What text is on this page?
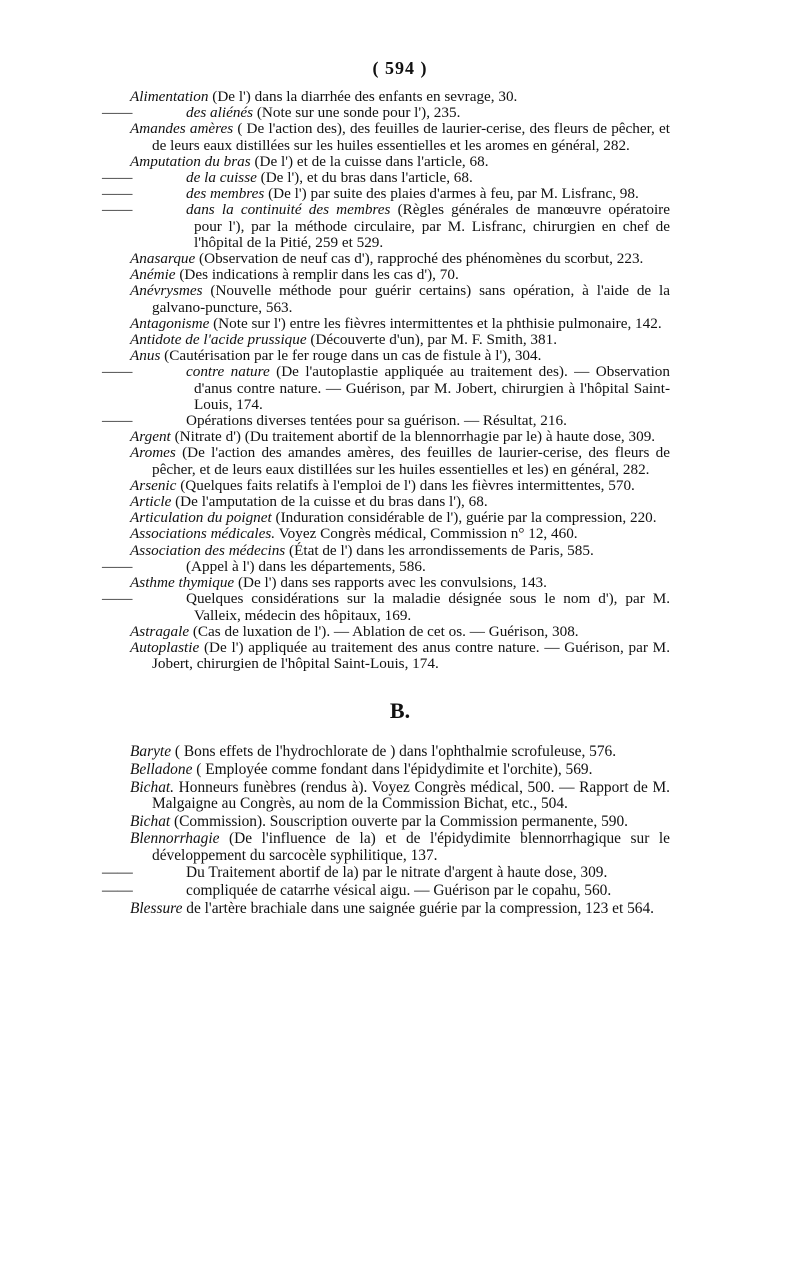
( 594 )

Alimentation (De l') dans la diarrhée des enfants en sevrage, 30.

——	des aliénés (Note sur une sonde pour l'), 235.

Amandes amères ( De l'action des), des feuilles de laurier-cerise, des fleurs de pêcher, et de leurs eaux distillées sur les huiles essentielles et les aromes en général, 282.

Amputation du bras (De l') et de la cuisse dans l'article, 68.

——	de la cuisse (De l'), et du bras dans l'article, 68.

——	des membres (De l') par suite des plaies d'armes à feu, par M. Lisfranc, 98.

——	dans la continuité des membres (Règles générales de manœuvre opératoire pour l'), par la méthode circulaire, par M. Lisfranc, chirurgien en chef de l'hôpital de la Pitié, 259 et 529.

Anasarque (Observation de neuf cas d'), rapproché des phénomènes du scorbut, 223.

Anémie (Des indications à remplir dans les cas d'), 70.

Anévrysmes (Nouvelle méthode pour guérir certains) sans opération, à l'aide de la galvano-puncture, 563.

Antagonisme (Note sur l') entre les fièvres intermittentes et la phthisie pulmonaire, 142.

Antidote de l'acide prussique (Découverte d'un), par M. F. Smith, 381.

Anus (Cautérisation par le fer rouge dans un cas de fistule à l'), 304.

——	contre nature (De l'autoplastie appliquée au traitement des). — Observation d'anus contre nature. — Guérison, par M. Jobert, chirurgien à l'hôpital Saint-Louis, 174.

——	Opérations diverses tentées pour sa guérison. — Résultat, 216.

Argent (Nitrate d') (Du traitement abortif de la blennorrhagie par le) à haute dose, 309.

Aromes (De l'action des amandes amères, des feuilles de laurier-cerise, des fleurs de pêcher, et de leurs eaux distillées sur les huiles essentielles et les) en général, 282.

Arsenic (Quelques faits relatifs à l'emploi de l') dans les fièvres intermittentes, 570.

Article (De l'amputation de la cuisse et du bras dans l'), 68.

Articulation du poignet (Induration considérable de l'), guérie par la compression, 220.

Associations médicales. Voyez Congrès médical, Commission n° 12, 460.

Association des médecins (État de l') dans les arrondissements de Paris, 585.

——	(Appel à l') dans les départements, 586.

Asthme thymique (De l') dans ses rapports avec les convulsions, 143.

——	Quelques considérations sur la maladie désignée sous le nom d'), par M. Valleix, médecin des hôpitaux, 169.

Astragale (Cas de luxation de l'). — Ablation de cet os. — Guérison, 308.

Autoplastie (De l') appliquée au traitement des anus contre nature. — Guérison, par M. Jobert, chirurgien de l'hôpital Saint-Louis, 174.

B.

Baryte ( Bons effets de l'hydrochlorate de ) dans l'ophthalmie scrofuleuse, 576.

Belladone ( Employée comme fondant dans l'épidydimite et l'orchite), 569.

Bichat. Honneurs funèbres (rendus à). Voyez Congrès médical, 500. — Rapport de M. Malgaigne au Congrès, au nom de la Commission Bichat, etc., 504.

Bichat (Commission). Souscription ouverte par la Commission permanente, 590.

Blennorrhagie (De l'influence de la) et de l'épidydimite blennorrhagique sur le développement du sarcocèle syphilitique, 137.

——	Du Traitement abortif de la) par le nitrate d'argent à haute dose, 309.

——	compliquée de catarrhe vésical aigu. — Guérison par le copahu, 560.

Blessure de l'artère brachiale dans une saignée guérie par la compression, 123 et 564.
